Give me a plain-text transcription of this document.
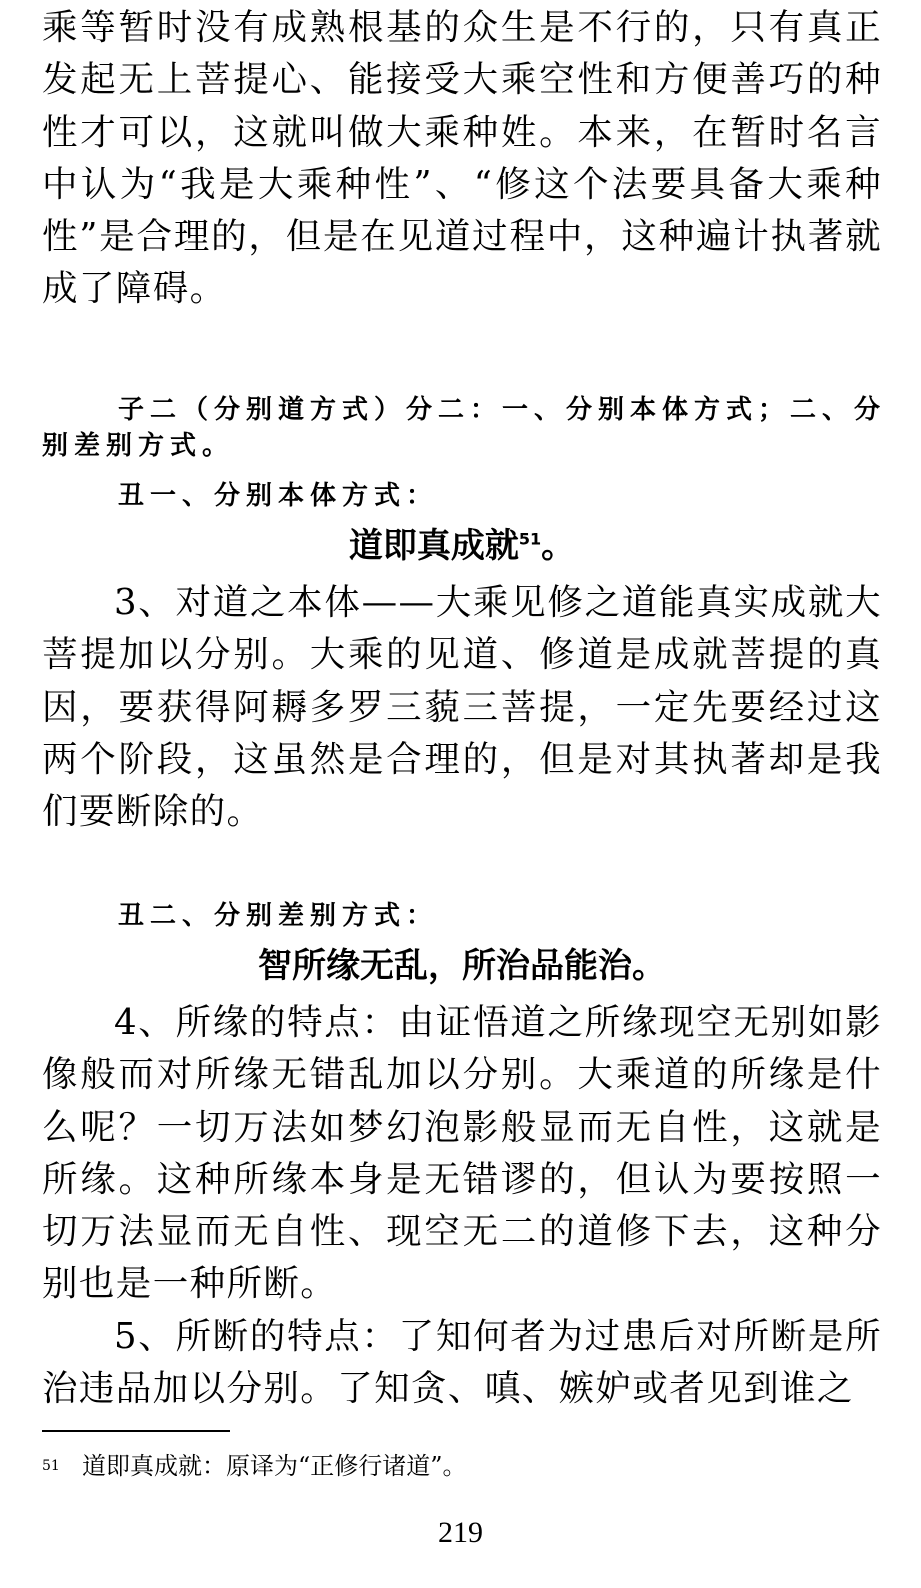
乘等暂时没有成熟根基的众生是不行的，只有真正发起无上菩提心、能接受大乘空性和方便善巧的种性才可以，这就叫做大乘种姓。本来，在暂时名言中认为“我是大乘种性”、“修这个法要具备大乘种性”是合理的，但是在见道过程中，这种遍计执著就成了障碍。

子二（分别道方式）分二：一、分别本体方式；二、分

别差别方式。

丑一、分别本体方式：

道即真成就$^{51}$。

3、对道之本体——大乘见修之道能真实成就大菩提加以分别。大乘的见道、修道是成就菩提的真因，要获得阿耨多罗三藐三菩提，一定先要经过这两个阶段，这虽然是合理的，但是对其执著却是我们要断除的。

丑二、分别差别方式：

智所缘无乱，所治品能治。

4、所缘的特点：由证悟道之所缘现空无别如影像般而对所缘无错乱加以分别。大乘道的所缘是什么呢？一切万法如梦幻泡影般显而无自性，这就是所缘。这种所缘本身是无错谬的，但认为要按照一切万法显而无自性、现空无二的道修下去，这种分别也是一种所断。

5、所断的特点：了知何者为过患后对所断是所治违品加以分别。了知贪、嗔、嫉妒或者见到谁之

51 道即真成就：原译为“正修行诸道”。

219
